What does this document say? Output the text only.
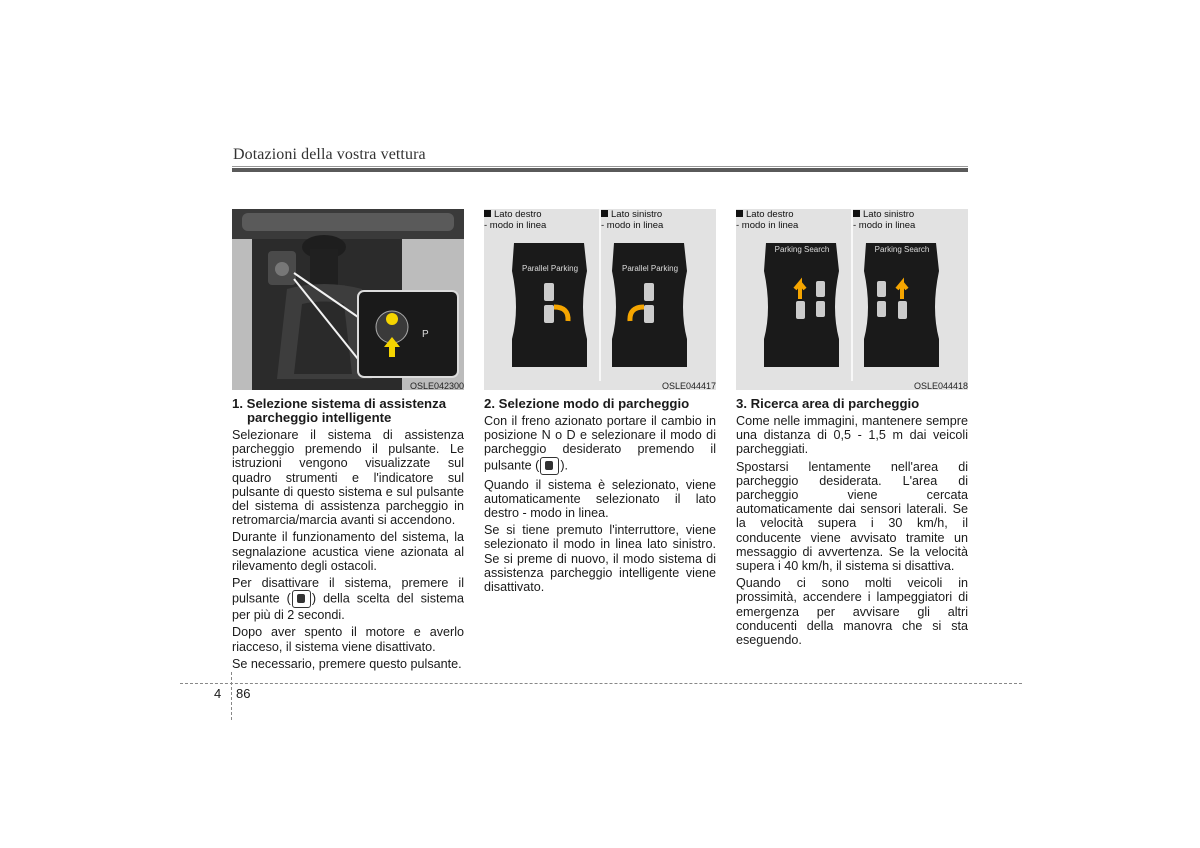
Dotazioni della vostra vettura
P
OSLE042300
Lato destro
- modo in linea
Lato sinistro
- modo in linea
Parallel Parking	Parallel Parking
OSLE044417
Lato destro
- modo in linea
Lato sinistro
- modo in linea
Parking Search	Parking Search
OSLE044418
1. Selezione sistema di assistenza
parcheggio intelligente

Selezionare il sistema di assistenza parcheggio premendo il pulsante. Le istruzioni vengono visualizzate sul quadro strumenti e l'indicatore sul pulsante di questo sistema e sul pulsante del sistema di assistenza parcheggio in retromarcia/marcia avanti si accendono.

Durante il funzionamento del sistema, la segnalazione acustica viene azionata al rilevamento degli ostacoli.

Per disattivare il sistema, premere il pulsante ( ) della scelta del sistema per più di 2 secondi.

Dopo aver spento il motore e averlo riacceso, il sistema viene disattivato.

Se necessario, premere questo pulsante.

2. Selezione modo di parcheggio

Con il freno azionato portare il cambio in posizione N o D e selezionare il modo di parcheggio desiderato premendo il pulsante ( ).

Quando il sistema è selezionato, viene automaticamente selezionato il lato destro - modo in linea.

Se si tiene premuto l'interruttore, viene selezionato il modo in linea lato sinistro. Se si preme di nuovo, il modo sistema di assistenza parcheggio intelligente viene disattivato.

3. Ricerca area di parcheggio

Come nelle immagini, mantenere sempre una distanza di 0,5 - 1,5 m dai veicoli parcheggiati.

Spostarsi lentamente nell'area di parcheggio desiderata. L'area di parcheggio viene cercata automaticamente dai sensori laterali. Se la velocità supera i 30 km/h, il conducente viene avvisato tramite un messaggio di avvertenza. Se la velocità supera i 40 km/h, il sistema si disattiva.

Quando ci sono molti veicoli in prossimità, accendere i lampeggiatori di emergenza per avvisare gli altri conducenti della manovra che si sta eseguendo.

4 86
